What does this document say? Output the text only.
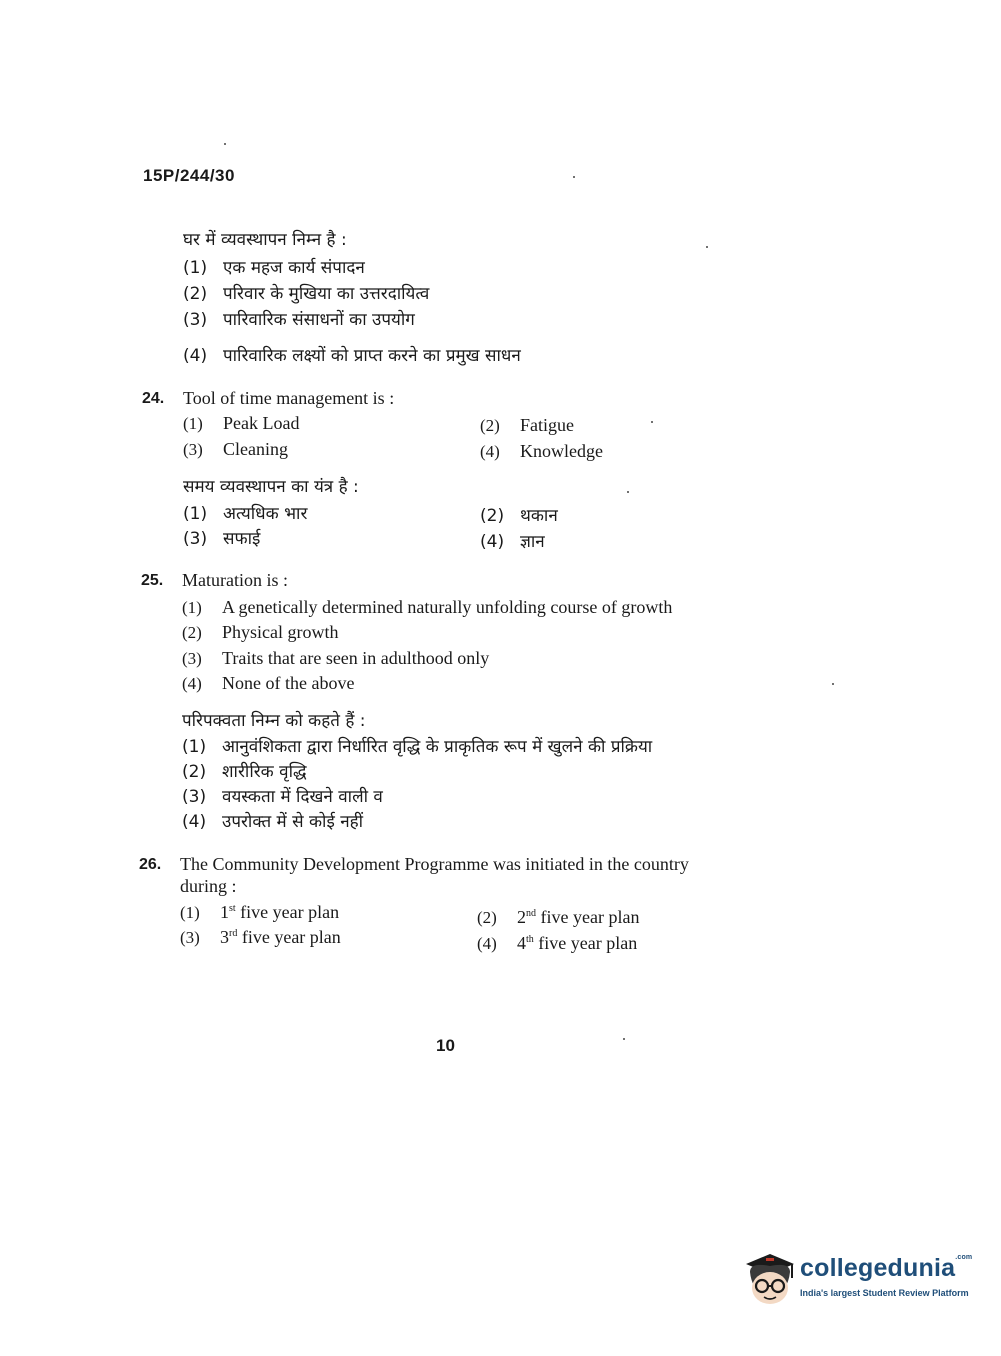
15P/244/30
घर में व्यवस्थापन निम्न है :
(1) एक महज कार्य संपादन
(2) परिवार के मुखिया का उत्तरदायित्व
(3) पारिवारिक संसाधनों का उपयोग
(4) पारिवारिक लक्ष्यों को प्राप्त करने का प्रमुख साधन
24. Tool of time management is :
(1) Peak Load	(2) Fatigue
(3) Cleaning	(4) Knowledge
समय व्यवस्थापन का यंत्र है :
(1) अत्यधिक भार	(2) थकान
(3) सफाई	(4) ज्ञान
25. Maturation is :
(1) A genetically determined naturally unfolding course of growth
(2) Physical growth
(3) Traits that are seen in adulthood only
(4) None of the above
परिपक्वता निम्न को कहते हैं :
(1) आनुवंशिकता द्वारा निर्धारित वृद्धि के प्राकृतिक रूप में खुलने की प्रक्रिया
(2) शारीरिक वृद्धि
(3) वयस्कता में दिखने वाली व
(4) उपरोक्त में से कोई नहीं
26. The Community Development Programme was initiated in the country
during :
(1) 1st five year plan	(2) 2nd five year plan
(3) 3rd five year plan	(4) 4th five year plan
10
collegedunia$^{.com}$
India's largest Student Review Platform
